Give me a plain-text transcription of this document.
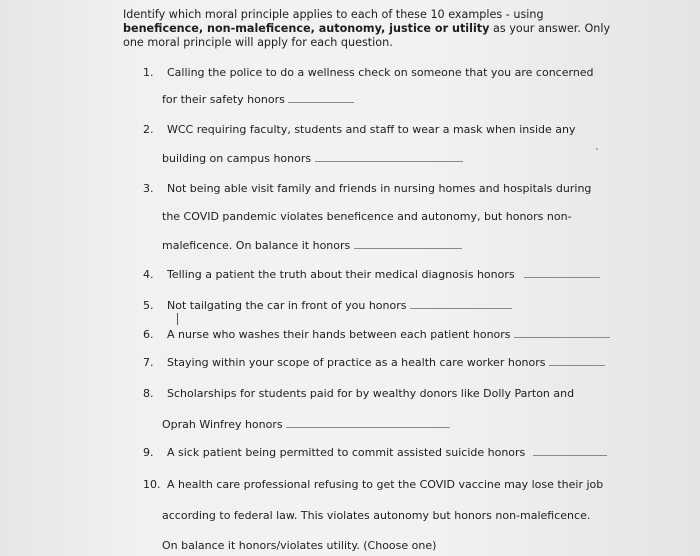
Identify which moral principle applies to each of these 10 examples - using
beneficence, non-maleficence, autonomy, justice or utility as your answer. Only
one moral principle will apply for each question.
1. Calling the police to do a wellness check on someone that you are concerned
for their safety honors
2. WCC requiring faculty, students and staff to wear a mask when inside any
building on campus honors
3. Not being able visit family and friends in nursing homes and hospitals during
the COVID pandemic violates beneficence and autonomy, but honors non-
maleficence. On balance it honors
4. Telling a patient the truth about their medical diagnosis honors
5. Not tailgating the car in front of you honors
6. A nurse who washes their hands between each patient honors
7. Staying within your scope of practice as a health care worker honors
8. Scholarships for students paid for by wealthy donors like Dolly Parton and
Oprah Winfrey honors
9. A sick patient being permitted to commit assisted suicide honors
10. A health care professional refusing to get the COVID vaccine may lose their job
according to federal law. This violates autonomy but honors non-maleficence.
On balance it honors/violates utility. (Choose one)
